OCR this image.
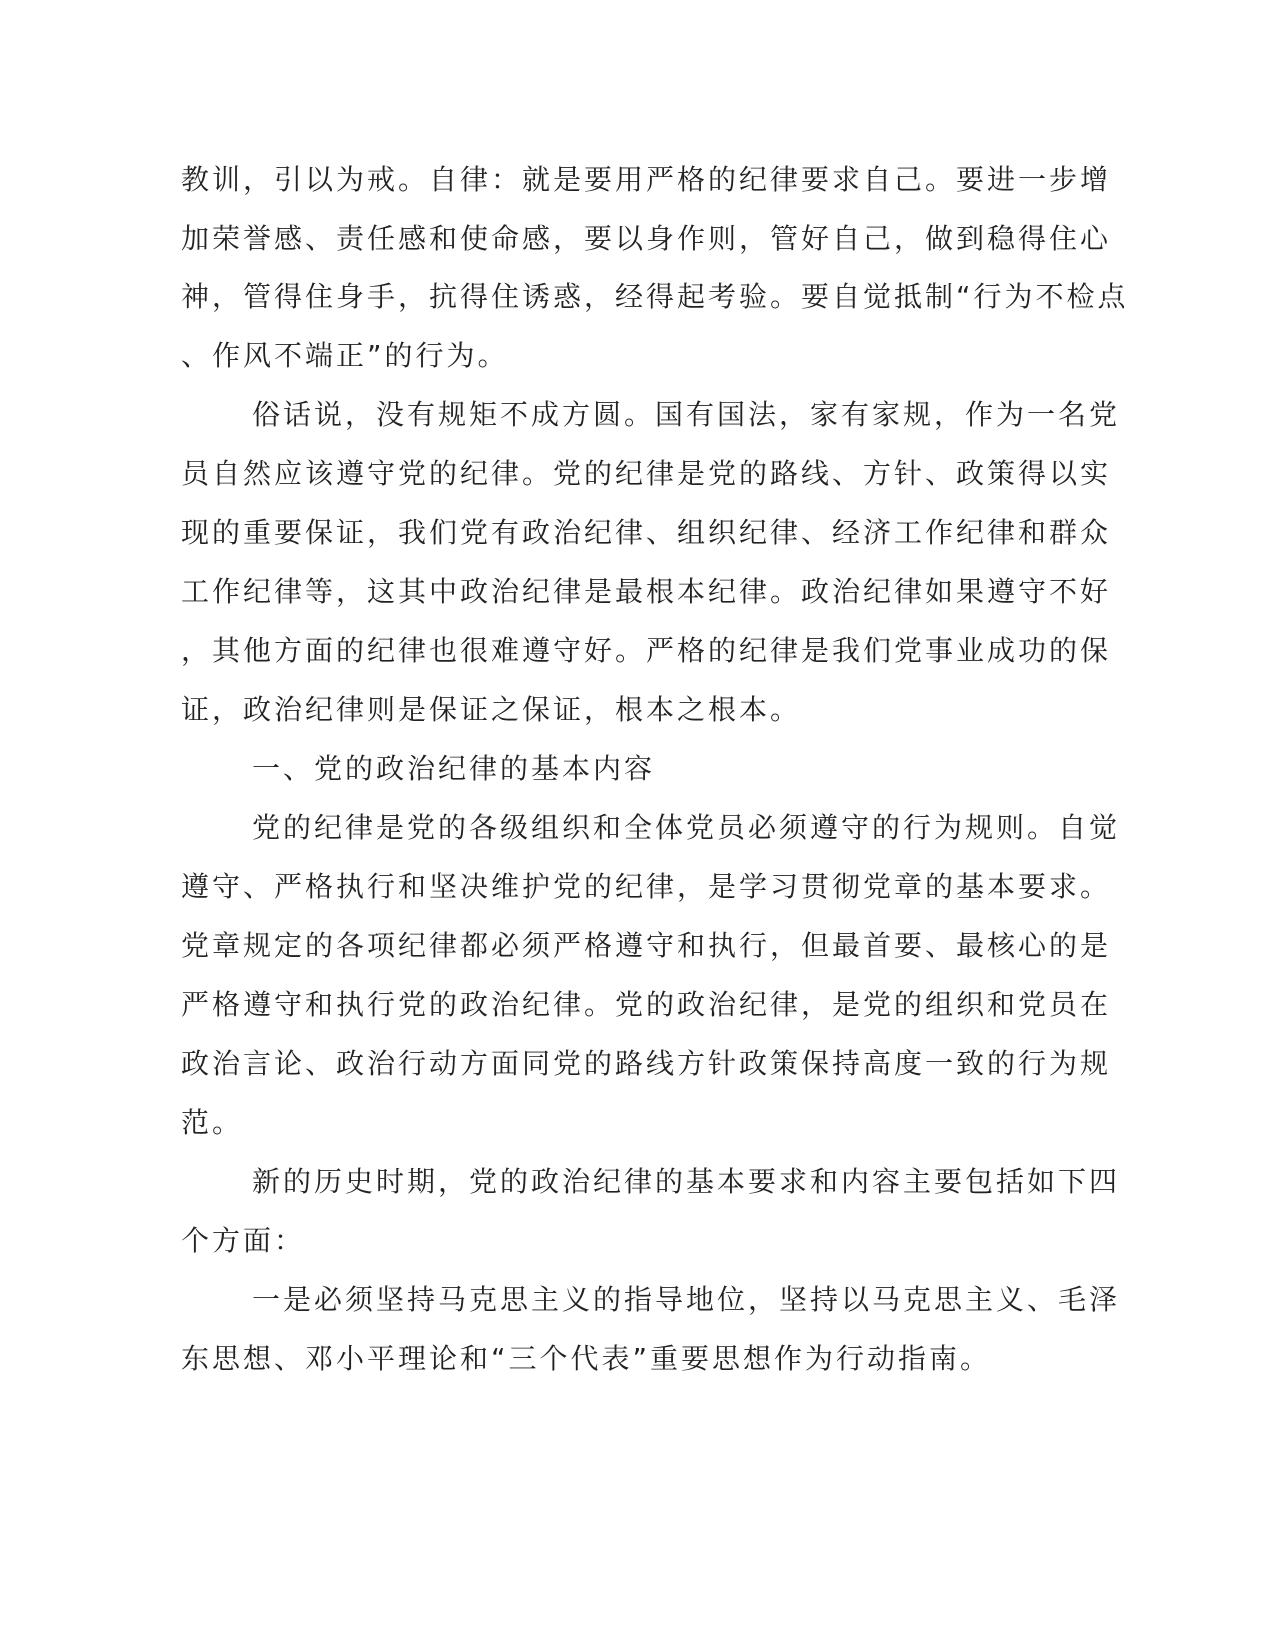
教训，引以为戒。自律：就是要用严格的纪律要求自己。要进一步增
加荣誉感、责任感和使命感，要以身作则，管好自己，做到稳得住心
神，管得住身手，抗得住诱惑，经得起考验。要自觉抵制“行为不检点
、作风不端正”的行为。
俗话说，没有规矩不成方圆。国有国法，家有家规，作为一名党
员自然应该遵守党的纪律。党的纪律是党的路线、方针、政策得以实
现的重要保证，我们党有政治纪律、组织纪律、经济工作纪律和群众
工作纪律等，这其中政治纪律是最根本纪律。政治纪律如果遵守不好
，其他方面的纪律也很难遵守好。严格的纪律是我们党事业成功的保
证，政治纪律则是保证之保证，根本之根本。
一、党的政治纪律的基本内容
党的纪律是党的各级组织和全体党员必须遵守的行为规则。自觉
遵守、严格执行和坚决维护党的纪律，是学习贯彻党章的基本要求。
党章规定的各项纪律都必须严格遵守和执行，但最首要、最核心的是
严格遵守和执行党的政治纪律。党的政治纪律，是党的组织和党员在
政治言论、政治行动方面同党的路线方针政策保持高度一致的行为规
范。
新的历史时期，党的政治纪律的基本要求和内容主要包括如下四
个方面：
一是必须坚持马克思主义的指导地位，坚持以马克思主义、毛泽
东思想、邓小平理论和“三个代表”重要思想作为行动指南。
